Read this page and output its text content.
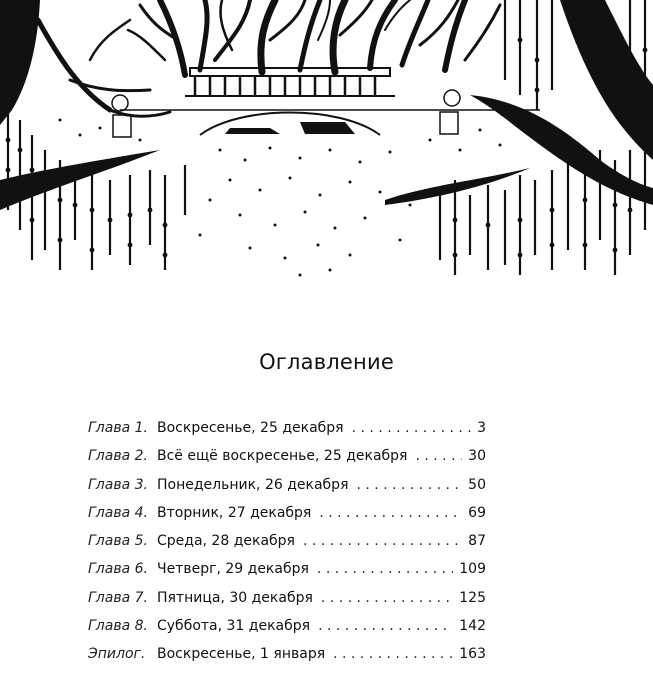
Оглавление
Глава 1. Воскресенье, 25 декабря . . .	3
Глава 2. Всё ещё воскресенье, 25 декабря . . .	30
Глава 3. Понедельник, 26 декабря . . .	50
Глава 4. Вторник, 27 декабря . . .	69
Глава 5. Среда, 28 декабря . . .	87
Глава 6. Четверг, 29 декабря . . .	109
Глава 7. Пятница, 30 декабря . . .	125
Глава 8. Суббота, 31 декабря . . .	142
Эпилог. Воскресенье, 1 января . . .	163
